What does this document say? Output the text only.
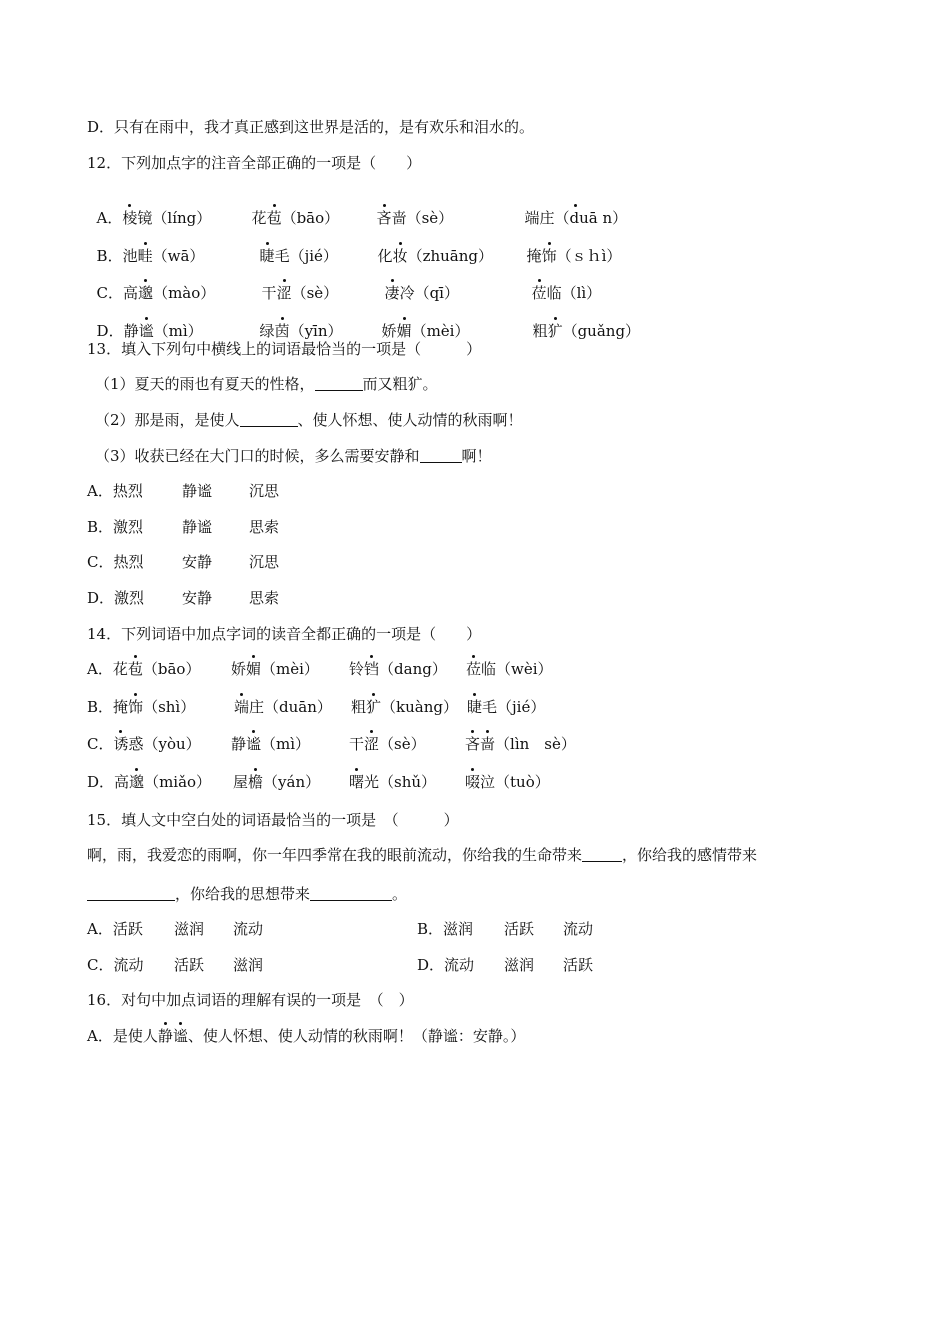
D．只有在雨中，我才真正感到这世界是活的，是有欢乐和泪水的。
12．下列加点字的注音全部正确的一项是（　　）

A．棱镜（líng）	花苞（bāo）	吝啬（sè）	端庄（duā n）

B．池畦（wā）	睫毛（jié）	化妆（zhuāng）	掩饰（ｓｈì）

C．高邈（mào）	干涩（sè）	凄冷（qī）	莅临（lì）

D．静谧（mì）	绿茵（yīn）	娇媚（mèi）	粗犷（guǎng）

13．填入下列句中横线上的词语最恰当的一项是（　　　）
（1）夏天的雨也有夏天的性格，	而又粗犷。
（2）那是雨，是使人	、使人怀想、使人动情的秋雨啊！
（3）收获已经在大门口的时候，多么需要安静和	啊！
A．热烈	静谧 沉思
B．激烈	静谧 思索
C．热烈	安静 沉思
D．激烈	安静 思索
14．下列词语中加点字词的读音全都正确的一项是（　　）
A．花苞（bāo） 娇媚（mèi） 铃铛（dang） 莅临（wèi）
B．掩饰（shì）	端庄（duān） 粗犷（kuàng） 睫毛（jié）
C．诱惑（yòu） 静谧（mì）	干涩（sè）	吝啬（lìn　sè）
D．高邈（miǎo） 屋檐（yán） 曙光（shǔ） 啜泣（tuò）
15．填人文中空白处的词语最恰当的一项是　（　　　）
啊，雨，我爱恋的雨啊，你一年四季常在我的眼前流动，你给我的生命带来	，你给我的感情带来
，你给我的思想带来	。
A．活跃 滋润 流动	B．滋润 活跃 流动
C．流动 活跃 滋润	D．流动 滋润 活跃
16．对句中加点词语的理解有误的一项是　（　）
A．是使人静谧、使人怀想、使人动情的秋雨啊！（静谧：安静。）
